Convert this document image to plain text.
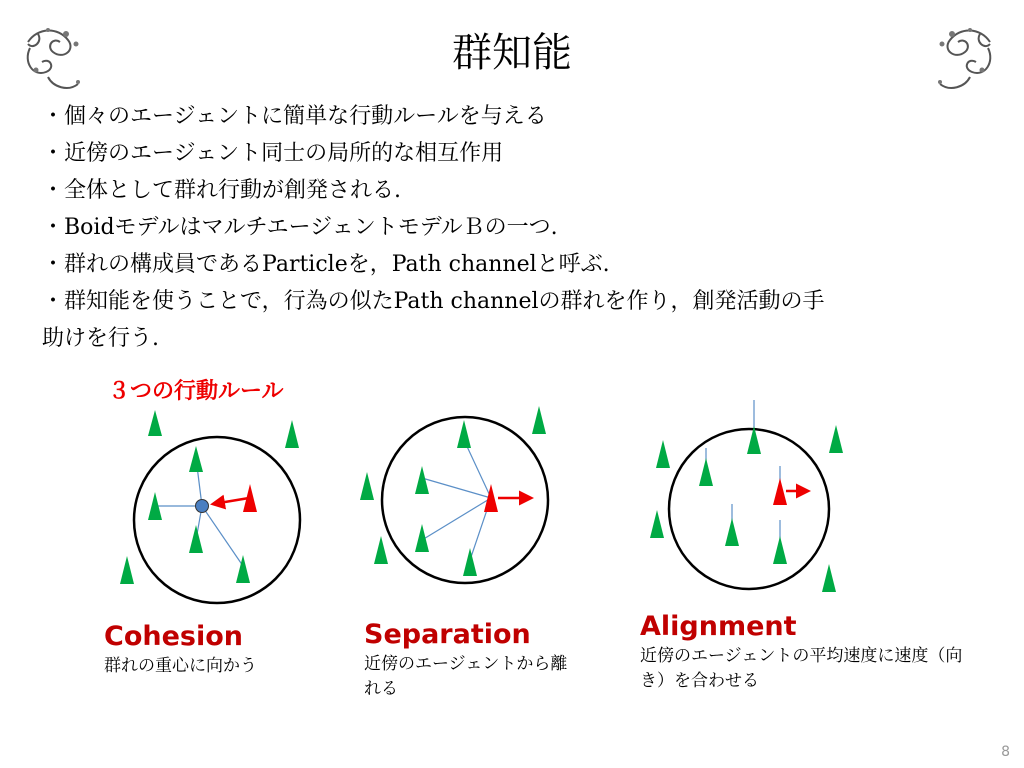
群知能
・ 個々のエージェントに簡単な行動ルールを与える
・ 近傍のエージェント同士の局所的な相互作用
・ 全体として群れ行動が創発される.
・ BoidモデルはマルチエージェントモデルＢの一つ.
・ 群れの構成員であるParticleを，Path channelと呼ぶ.
・ 群知能を使うことで，行為の似たPath channelの群れを作り，創発活動の手
助けを行う.
３つの行動ルール
Cohesion
群れの重心に向かう
Separation
近傍のエージェントから離れる
Alignment
近傍のエージェントの平均速度に速度（向き）を合わせる
8
